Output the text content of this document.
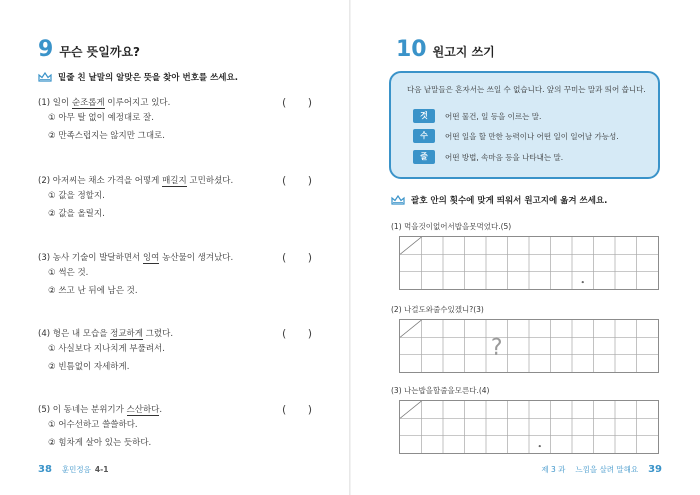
9 무슨 뜻일까요?
밑줄 친 낱말의 알맞은 뜻을 찾아 번호를 쓰세요.
(1) 일이 순조롭게 이루어지고 있다.	( )
① 아무 탈 없이 예정대로 잘.
② 만족스럽지는 않지만 그대로.
(2) 아저씨는 채소 가격을 어떻게 매길지 고민하셨다.	( )
① 값을 정할지.
② 값을 올릴지.
(3) 농사 기술이 발달하면서 잉여 농산물이 생겨났다.	( )
① 썩은 것.
② 쓰고 난 뒤에 남은 것.
(4) 형은 내 모습을 정교하게 그렸다.	( )
① 사실보다 지나치게 부풀려서.
② 빈틈없이 자세하게.
(5) 이 동네는 분위기가 스산하다.	( )
① 어수선하고 쓸쓸하다.
② 힘차게 살아 있는 듯하다.
38 훈민정음 4-1
10 원고지 쓰기
다음 낱말들은 혼자서는 쓰일 수 없습니다. 앞의 꾸미는 말과 띄어 씁니다.
것	어떤 물건, 일 등을 이르는 말.
수	어떤 일을 할 만한 능력이나 어떤 일이 일어날 가능성.
줄	어떤 방법, 속마음 등을 나타내는 말.
괄호 안의 횟수에 맞게 띄워서 원고지에 옮겨 쓰세요.
(1) 먹을것이없어서밥을못먹었다.(5)
(2) 나걸도와줄수있겠니?(3)
?
(3) 나는밥을할줄을모른다.(4)
제 3 과 느낌을 살려 말해요 39
